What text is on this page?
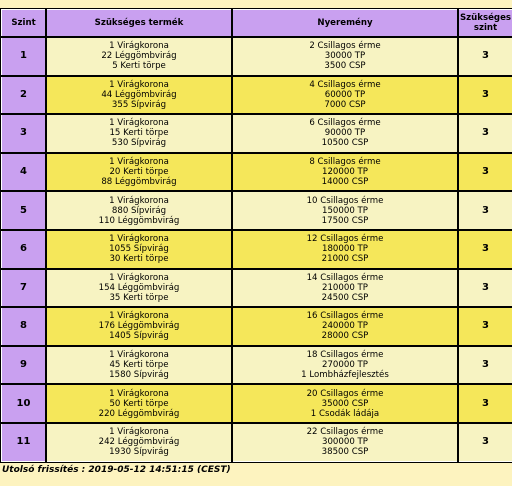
Szint	Szükséges termék	Nyeremény	Szükséges
szint

1	1 Virágkorona
22 Léggömbvirág
5 Kerti törpe	2 Csillagos érme
30000 TP
3500 CSP	3
2	1 Virágkorona
44 Léggömbvirág
355 Sípvirág	4 Csillagos érme
60000 TP
7000 CSP	3
3	1 Virágkorona
15 Kerti törpe
530 Sípvirág	6 Csillagos érme
90000 TP
10500 CSP	3
4	1 Virágkorona
20 Kerti törpe
88 Léggömbvirág	8 Csillagos érme
120000 TP
14000 CSP	3
5	1 Virágkorona
880 Sípvirág
110 Léggömbvirág	10 Csillagos érme
150000 TP
17500 CSP	3
6	1 Virágkorona
1055 Sípvirág
30 Kerti törpe	12 Csillagos érme
180000 TP
21000 CSP	3
7	1 Virágkorona
154 Léggömbvirág
35 Kerti törpe	14 Csillagos érme
210000 TP
24500 CSP	3
8	1 Virágkorona
176 Léggömbvirág
1405 Sípvirág	16 Csillagos érme
240000 TP
28000 CSP	3
9	1 Virágkorona
45 Kerti törpe
1580 Sípvirág	18 Csillagos érme
270000 TP
1 Lombházfejlesztés	3
10	1 Virágkorona
50 Kerti törpe
220 Léggömbvirág	20 Csillagos érme
35000 CSP
1 Csodák ládája	3
11	1 Virágkorona
242 Léggömbvirág
1930 Sípvirág	22 Csillagos érme
300000 TP
38500 CSP	3
Utolsó frissítés : 2019-05-12 14:51:15 (CEST)
